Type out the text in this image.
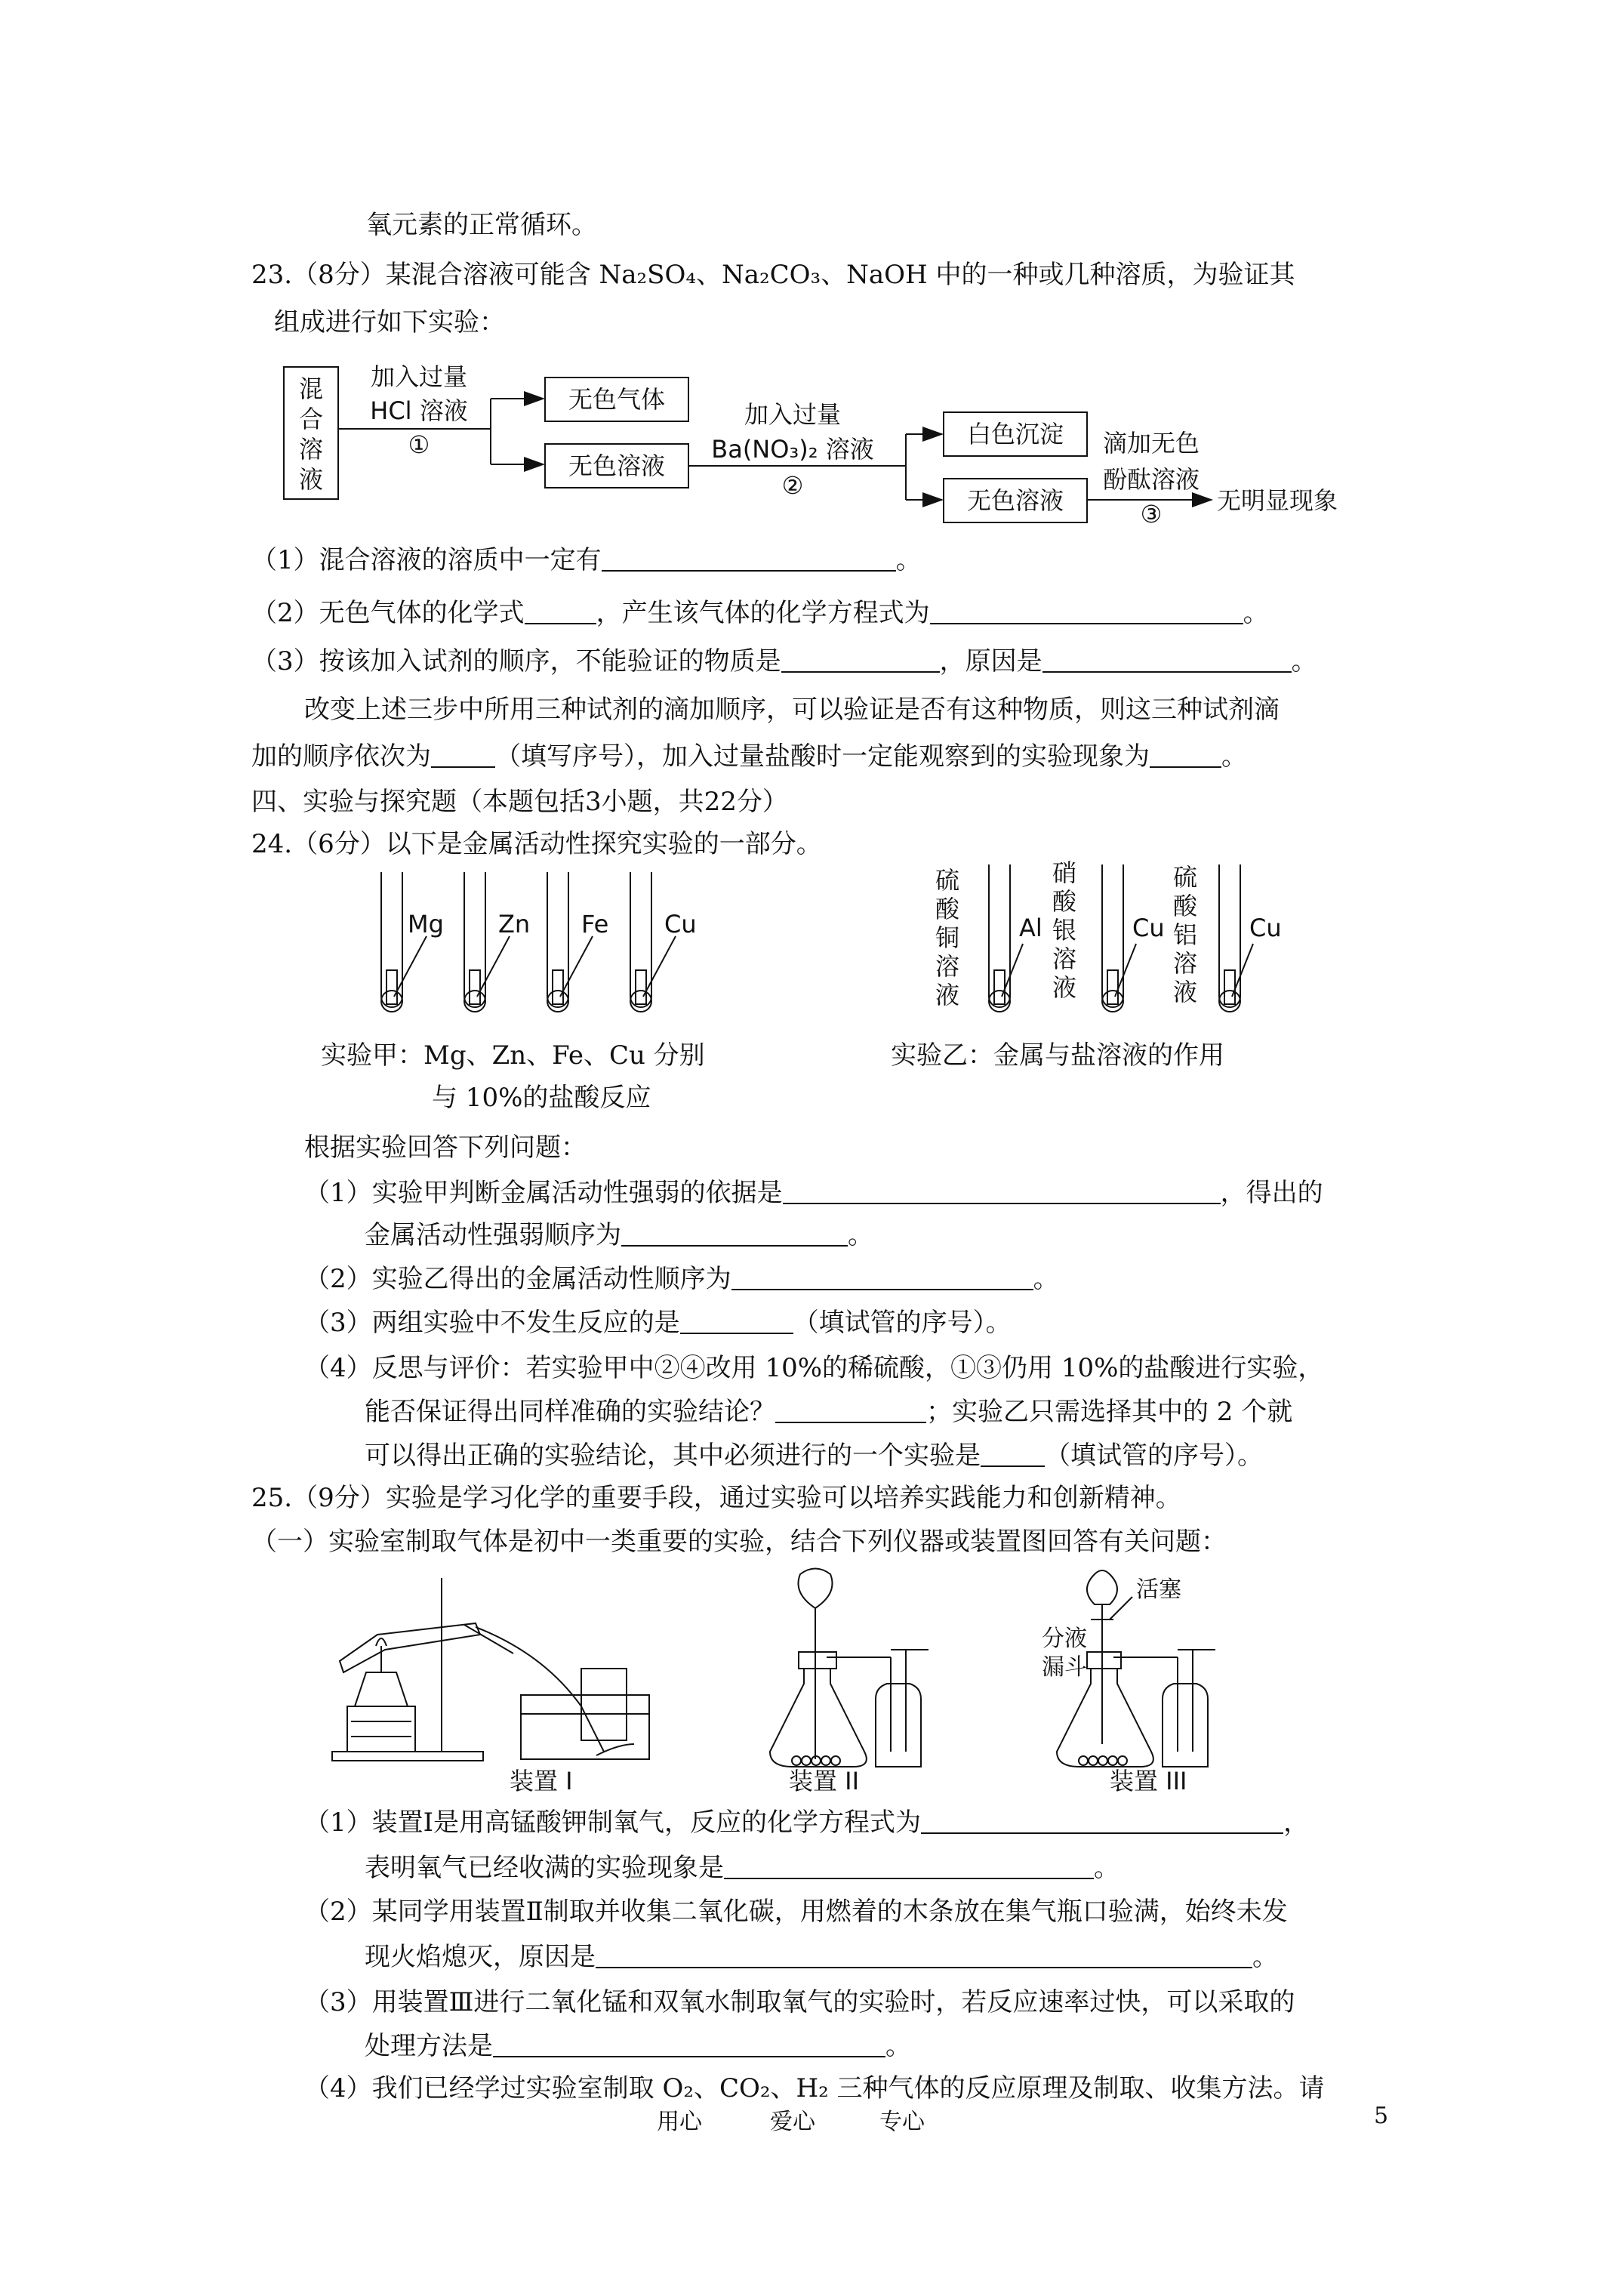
氧元素的正常循环。
23.（8分）某混合溶液可能含 Na₂SO₄、Na₂CO₃、NaOH 中的一种或几种溶质，为验证其
组成进行如下实验：
混
合
溶
液
加入过量
HCl 溶液
①
无色气体
无色溶液
加入过量
Ba(NO₃)₂ 溶液
②
白色沉淀
无色溶液
滴加无色
酚酞溶液
③ 无明显现象
（1）混合溶液的溶质中一定有	。
（2）无色气体的化学式	，产生该气体的化学方程式为	。
（3）按该加入试剂的顺序，不能验证的物质是	，原因是	。
改变上述三步中所用三种试剂的滴加顺序，可以验证是否有这种物质，则这三种试剂滴
加的顺序依次为	（填写序号），加入过量盐酸时一定能观察到的实验现象为	。
四、实验与探究题（本题包括3小题，共22分）
24.（6分）以下是金属活动性探究实验的一部分。
Mg Zn Fe Cu
硫
酸
铜
溶
液
Al
硝
酸
银
溶
液
Cu
硫
酸
铝
溶
液
Cu
实验甲：Mg、Zn、Fe、Cu 分别
与 10%的盐酸反应
实验乙：金属与盐溶液的作用
根据实验回答下列问题：
（1）实验甲判断金属活动性强弱的依据是	，得出的
金属活动性强弱顺序为	。
（2）实验乙得出的金属活动性顺序为	。
（3）两组实验中不发生反应的是	（填试管的序号）。
（4）反思与评价：若实验甲中②④改用 10%的稀硫酸，①③仍用 10%的盐酸进行实验，
能否保证得出同样准确的实验结论？	；实验乙只需选择其中的 2 个就
可以得出正确的实验结论，其中必须进行的一个实验是	（填试管的序号）。
25.（9分）实验是学习化学的重要手段，通过实验可以培养实践能力和创新精神。
（一）实验室制取气体是初中一类重要的实验，结合下列仪器或装置图回答有关问题：
装置 I	装置 II	装置 III
活塞
分液
漏斗
（1）装置Ⅰ是用高锰酸钾制氧气，反应的化学方程式为	，
表明氧气已经收满的实验现象是	。
（2）某同学用装置Ⅱ制取并收集二氧化碳，用燃着的木条放在集气瓶口验满，始终未发
现火焰熄灭，原因是	。
（3）用装置Ⅲ进行二氧化锰和双氧水制取氧气的实验时，若反应速率过快，可以采取的
处理方法是	。
（4）我们已经学过实验室制取 O₂、CO₂、H₂ 三种气体的反应原理及制取、收集方法。请
用心	爱心	专心	5
